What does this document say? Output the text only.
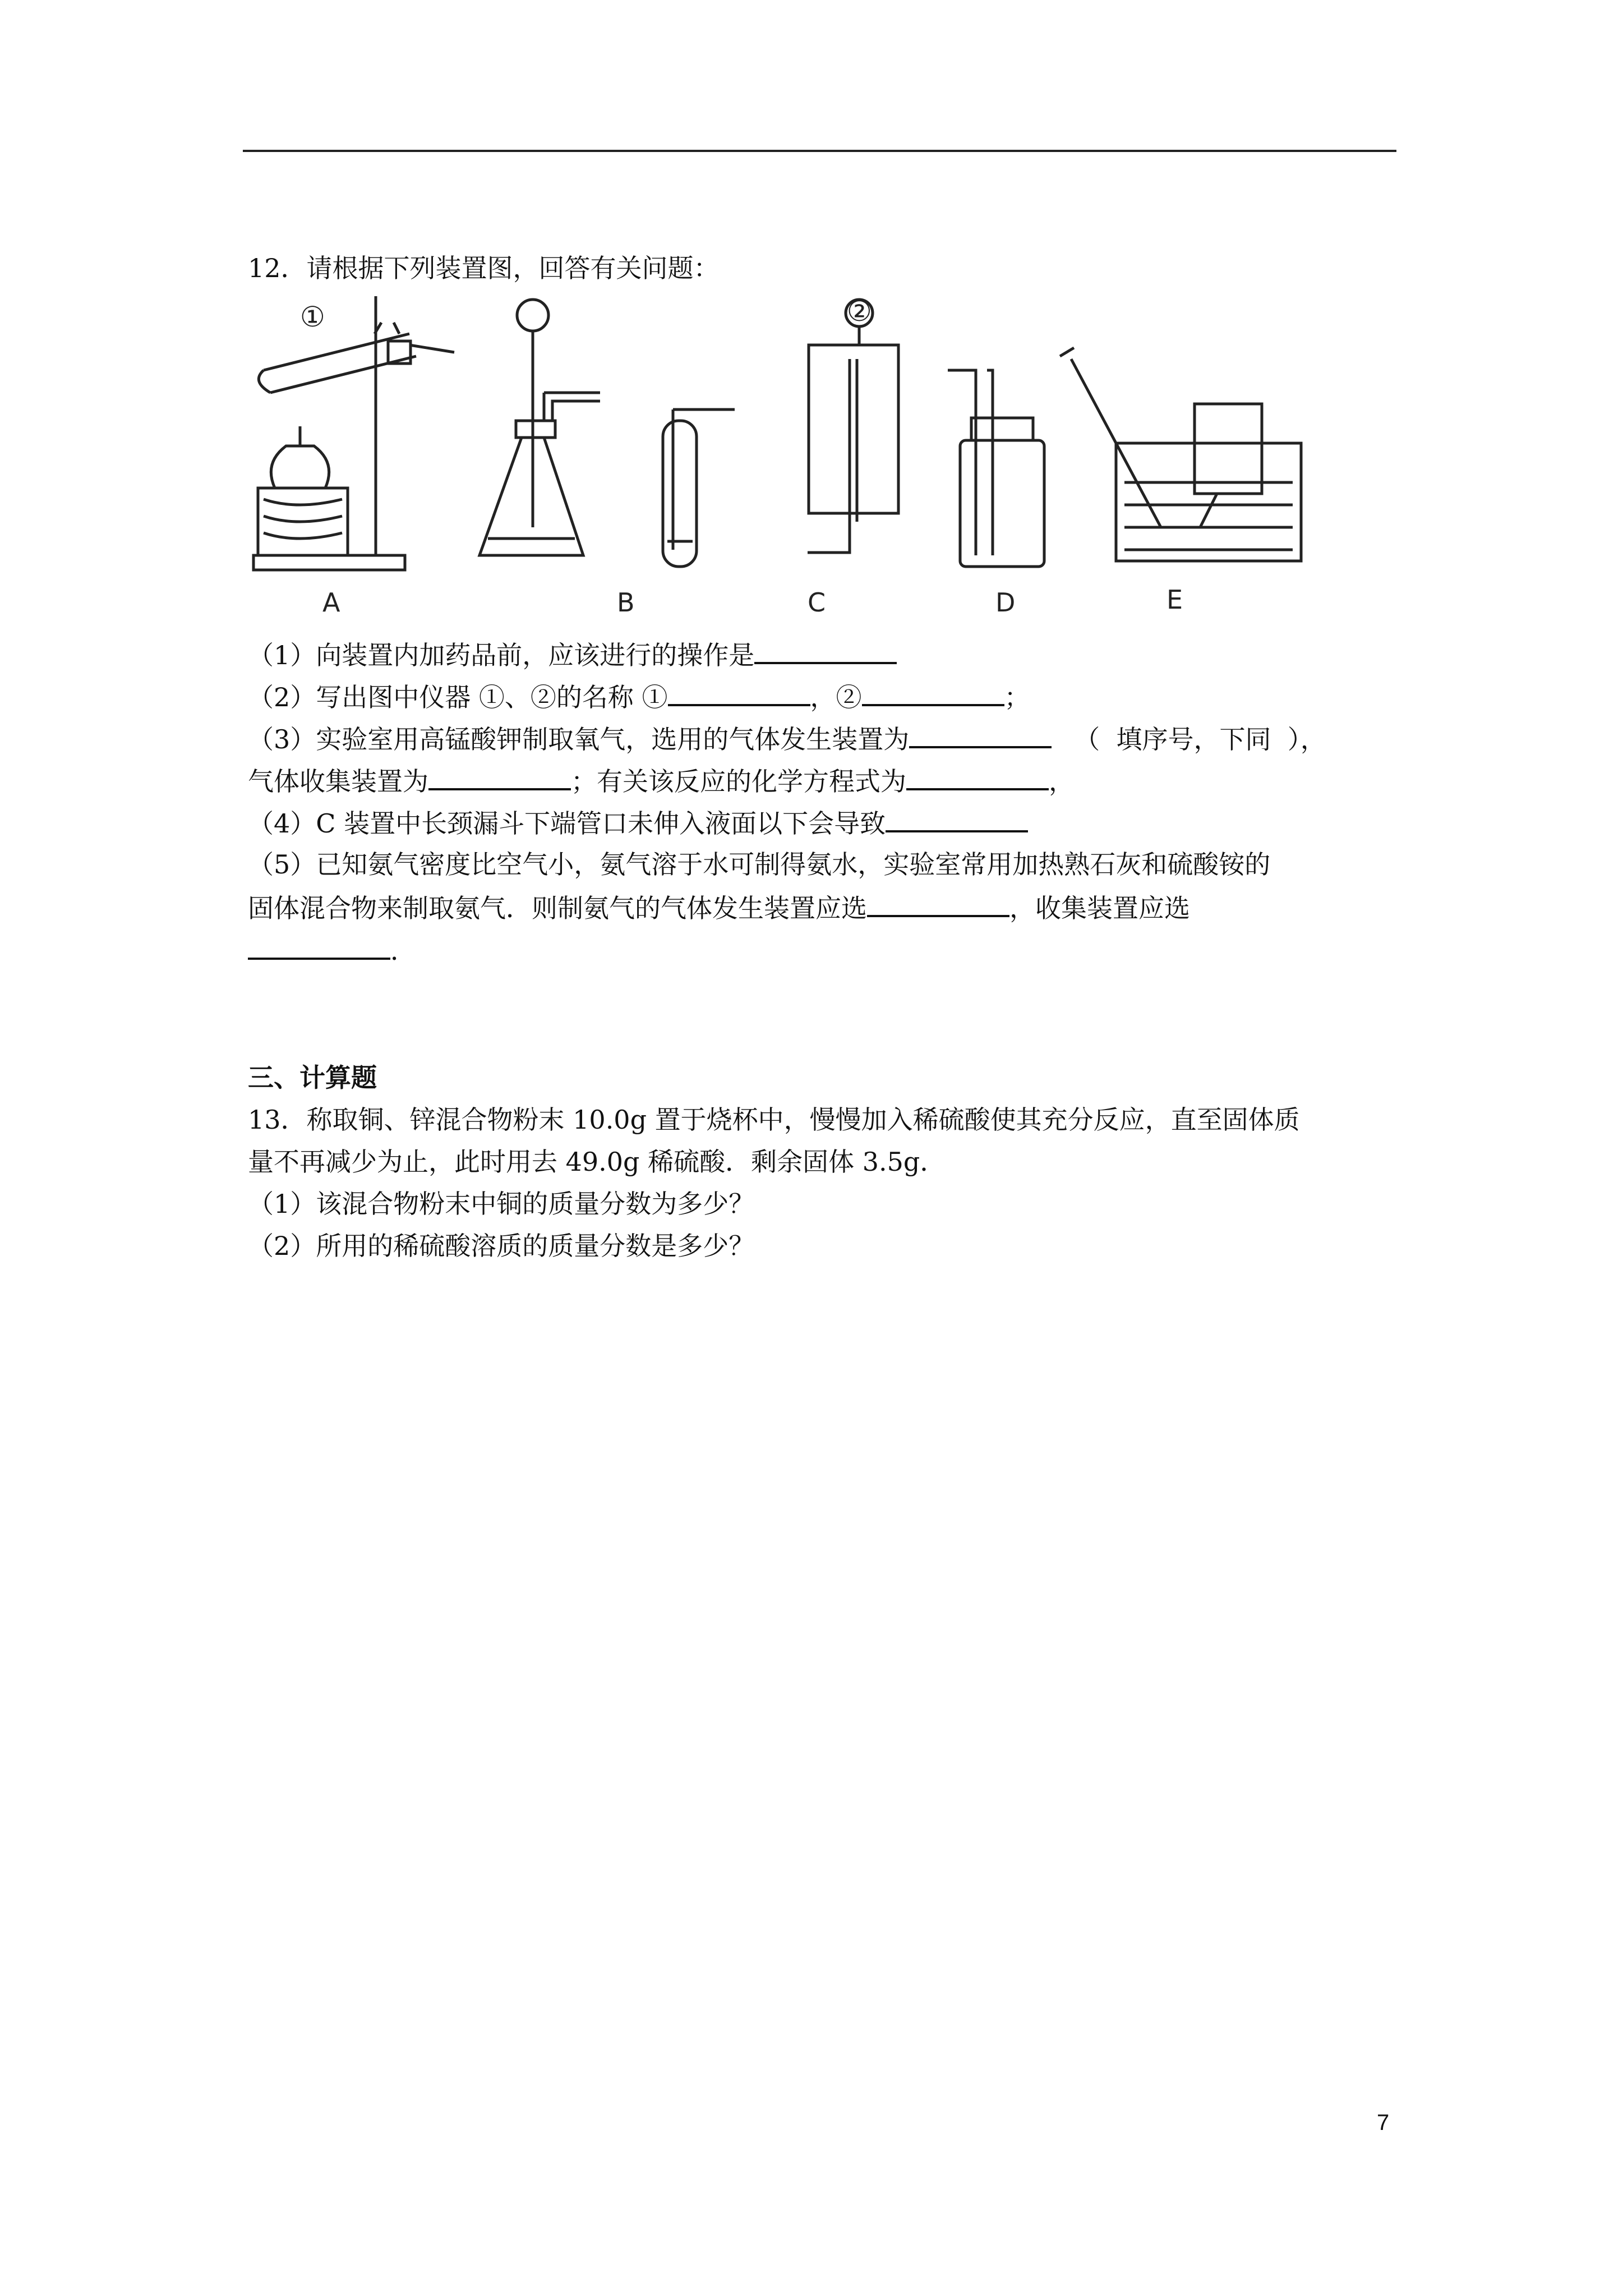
12．请根据下列装置图，回答有关问题：
A	B	C	D	E
①	②
（1）向装置内加药品前，应该进行的操作是
（2）写出图中仪器 ①、②的名称 ①	，②	；
（3）实验室用高锰酸钾制取氧气，选用的气体发生装置为	（  填序号，下同  ），
气体收集装置为	；有关该反应的化学方程式为	，
（4）C 装置中长颈漏斗下端管口未伸入液面以下会导致
（5）已知氨气密度比空气小，氨气溶于水可制得氨水，实验室常用加热熟石灰和硫酸铵的
固体混合物来制取氨气．则制氨气的气体发生装置应选	，收集装置应选
．
三、计算题
13．称取铜、锌混合物粉末 10.0g 置于烧杯中，慢慢加入稀硫酸使其充分反应，直至固体质
量不再减少为止，此时用去 49.0g 稀硫酸．剩余固体 3.5g．
（1）该混合物粉末中铜的质量分数为多少？
（2）所用的稀硫酸溶质的质量分数是多少？
7
